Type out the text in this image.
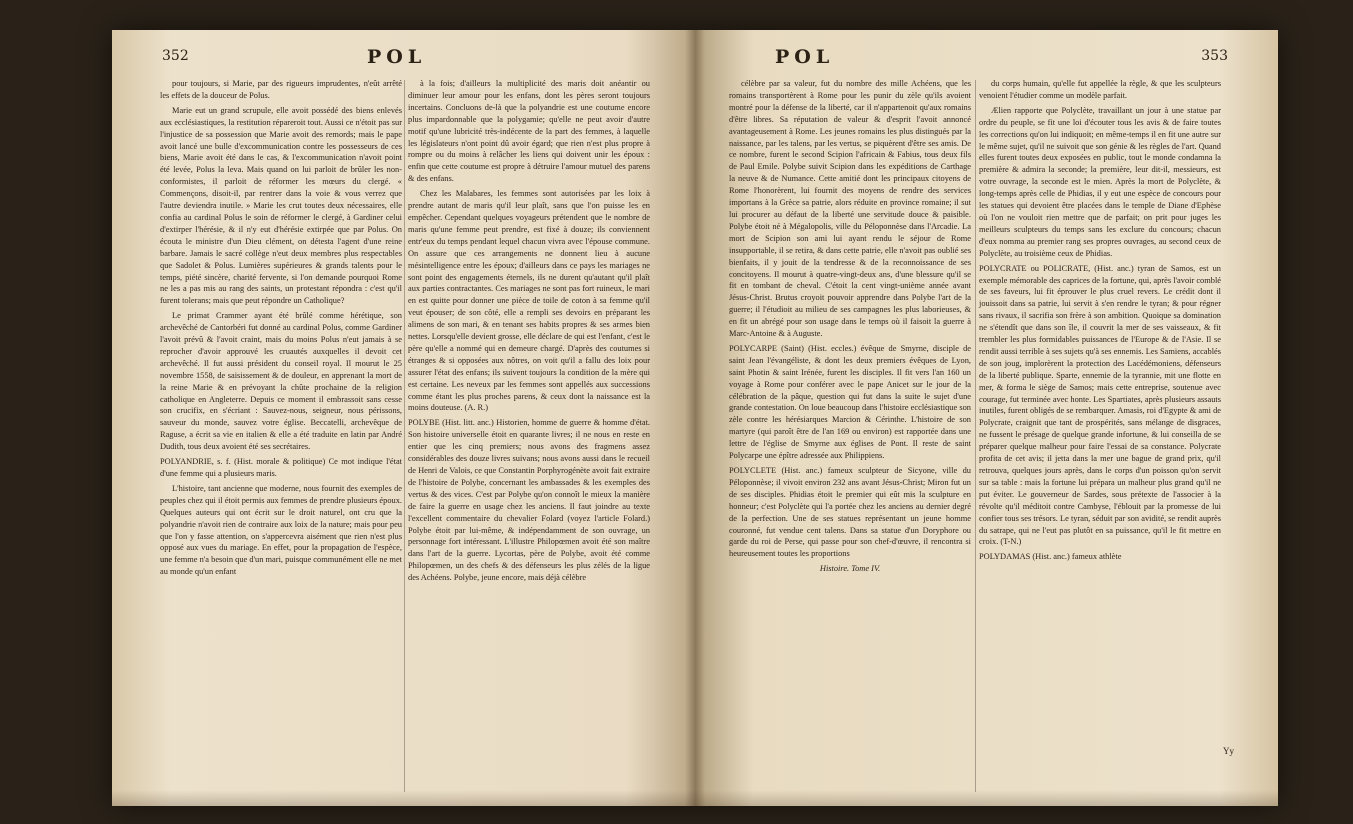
352	POL

pour toujours, si Marie, par des rigueurs imprudentes, n'eût arrêté les effets de la douceur de Polus.

Marie eut un grand scrupule, elle avoit possédé des biens enlevés aux ecclésiastiques, la restitution répareroit tout. Aussi ce n'étoit pas sur l'injustice de sa possession que Marie avoit des remords; mais le pape avoit lancé une bulle d'excommunication contre les possesseurs de ces biens, Marie avoit été dans le cas, & l'excommunication n'avoit point été levée, Polus la leva. Mais quand on lui parloit de brûler les non-conformistes, il parloit de réformer les mœurs du clergé. « Commençons, disoit-il, par rentrer dans la voie & vous verrez que l'autre deviendra inutile. » Marie les crut toutes deux nécessaires, elle confia au cardinal Polus le soin de réformer le clergé, à Gardiner celui d'extirper l'hérésie, & il n'y eut d'hérésie extirpée que par Polus. On écouta le ministre d'un Dieu clément, on détesta l'agent d'une reine barbare. Jamais le sacré collège n'eut deux membres plus respectables que Sadolet & Polus. Lumières supérieures & grands talents pour le temps, piété sincère, charité fervente, si l'on demande pourquoi Rome ne les a pas mis au rang des saints, un protestant répondra : c'est qu'il furent tolerans; mais que peut répondre un Catholique?

Le primat Crammer ayant été brûlé comme hérétique, son archevêché de Cantorbéri fut donné au cardinal Polus, comme Gardiner l'avoit prévû & l'avoit craint, mais du moins Polus n'eut jamais à se reprocher d'avoir approuvé les cruautés auxquelles il devoit cet archevêché. Il fut aussi président du conseil royal. Il mourut le 25 novembre 1558, de saisissement & de douleur, en apprenant la mort de la reine Marie & en prévoyant la chûte prochaine de la religion catholique en Angleterre. Depuis ce moment il embrassoit sans cesse son crucifix, en s'écriant : Sauvez-nous, seigneur, nous périssons, sauveur du monde, sauvez votre église. Beccatelli, archevêque de Raguse, a écrit sa vie en italien & elle a été traduite en latin par André Dudith, tous deux avoient été ses secrétaires.

POLYANDRIE, s. f. (Hist. morale & politique) Ce mot indique l'état d'une femme qui a plusieurs maris.

L'histoire, tant ancienne que moderne, nous fournit des exemples de peuples chez qui il étoit permis aux femmes de prendre plusieurs époux. Quelques auteurs qui ont écrit sur le droit naturel, ont cru que la polyandrie n'avoit rien de contraire aux loix de la nature; mais pour peu que l'on y fasse attention, on s'appercevra aisément que rien n'est plus opposé aux vues du mariage. En effet, pour la propagation de l'espèce, une femme n'a besoin que d'un mari, puisque communément elle ne met au monde qu'un enfant

à la fois; d'ailleurs la multiplicité des maris doit anéantir ou diminuer leur amour pour les enfans, dont les pères seront toujours incertains. Concluons de-là que la polyandrie est une coutume encore plus impardonnable que la polygamie; qu'elle ne peut avoir d'autre motif qu'une lubricité très-indécente de la part des femmes, à laquelle les législateurs n'ont point dû avoir égard; que rien n'est plus propre à rompre ou du moins à relâcher les liens qui doivent unir les époux : enfin que cette coutume est propre à détruire l'amour mutuel des parens & des enfans.

Chez les Malabares, les femmes sont autorisées par les loix à prendre autant de maris qu'il leur plaît, sans que l'on puisse les en empêcher. Cependant quelques voyageurs prétendent que le nombre de maris qu'une femme peut prendre, est fixé à douze; ils conviennent entr'eux du temps pendant lequel chacun vivra avec l'épouse commune. On assure que ces arrangements ne donnent lieu à aucune mésintelligence entre les époux; d'ailleurs dans ce pays les mariages ne sont point des engagements éternels, ils ne durent qu'autant qu'il plaît aux parties contractantes. Ces mariages ne sont pas fort ruineux, le mari en est quitte pour donner une pièce de toile de coton à sa femme qu'il veut épouser; de son côté, elle a rempli ses devoirs en préparant les alimens de son mari, & en tenant ses habits propres & ses armes bien nettes. Lorsqu'elle devient grosse, elle déclare de qui est l'enfant, c'est le père qu'elle a nommé qui en demeure chargé. D'après des coutumes si étranges & si opposées aux nôtres, on voit qu'il a fallu des loix pour assurer l'état des enfans; ils suivent toujours la condition de la mère qui est certaine. Les neveux par les femmes sont appellés aux successions comme étant les plus proches parens, & ceux dont la naissance est la moins douteuse. (A. R.)

POLYBE (Hist. litt. anc.) Historien, homme de guerre & homme d'état. Son histoire universelle étoit en quarante livres; il ne nous en reste en entier que les cinq premiers; nous avons des fragmens assez considérables des douze livres suivans; nous avons aussi dans le recueil de Henri de Valois, ce que Constantin Porphyrogénète avoit fait extraire de l'histoire de Polybe, concernant les ambassades & les exemples des vertus & des vices. C'est par Polybe qu'on connoît le mieux la manière de faire la guerre en usage chez les anciens. Il faut joindre au texte l'excellent commentaire du chevalier Folard (voyez l'article Folard.) Polybe étoit par lui-même, & indépendamment de son ouvrage, un personnage fort intéressant. L'illustre Philopœmen avoit été son maître dans l'art de la guerre. Lycortas, père de Polybe, avoit été comme Philopœmen, un des chefs & des défenseurs les plus zélés de la ligue des Achéens. Polybe, jeune encore, mais déjà célèbre

POL	353

célèbre par sa valeur, fut du nombre des mille Achéens, que les romains transportèrent à Rome pour les punir du zèle qu'ils avoient montré pour la défense de la liberté, car il n'appartenoit qu'aux romains d'être libres. Sa réputation de valeur & d'esprit l'avoit annoncé avantageusement à Rome. Les jeunes romains les plus distingués par la naissance, par les talens, par les vertus, se piquèrent d'être ses amis. De ce nombre, furent le second Scipion l'africain & Fabius, tous deux fils de Paul Emile. Polybe suivit Scipion dans les expéditions de Carthage la neuve & de Numance. Cette amitié dont les principaux citoyens de Rome l'honorèrent, lui fournit des moyens de rendre des services importans à la Grèce sa patrie, alors réduite en province romaine; il sut lui procurer au défaut de la liberté une servitude douce & paisible. Polybe étoit né à Mégalopolis, ville du Péloponnèse dans l'Arcadie. La mort de Scipion son ami lui ayant rendu le séjour de Rome insupportable, il se retira, & dans cette patrie, elle n'avoit pas oublié ses bienfaits, il y jouit de la tendresse & de la reconnoissance de ses concitoyens. Il mourut à quatre-vingt-deux ans, d'une blessure qu'il se fit en tombant de cheval. C'étoit la cent vingt-unième année avant Jésus-Christ. Brutus croyoit pouvoir apprendre dans Polybe l'art de la guerre; il l'étudioit au milieu de ses campagnes les plus laborieuses, & en fit un abrégé pour son usage dans le temps où il faisoit la guerre à Marc-Antoine & à Auguste.

POLYCARPE (Saint) (Hist. eccles.) évêque de Smyrne, disciple de saint Jean l'évangéliste, & dont les deux premiers évêques de Lyon, saint Photin & saint Irénée, furent les disciples. Il fit vers l'an 160 un voyage à Rome pour conférer avec le pape Anicet sur le jour de la célébration de la pâque, question qui fut dans la suite le sujet d'une grande contestation. On loue beaucoup dans l'histoire ecclésiastique son zèle contre les hérésiarques Marcion & Cérinthe. L'histoire de son martyre (qui paroît être de l'an 169 ou environ) est rapportée dans une lettre de l'église de Smyrne aux églises de Pont. Il reste de saint Polycarpe une épître adressée aux Philippiens.

POLYCLETE (Hist. anc.) fameux sculpteur de Sicyone, ville du Péloponnèse; il vivoit environ 232 ans avant Jésus-Christ; Miron fut un de ses disciples. Phidias étoit le premier qui eût mis la sculpture en honneur; c'est Polyclète qui l'a portée chez les anciens au dernier degré de la perfection. Une de ses statues représentant un jeune homme couronné, fut vendue cent talens. Dans sa statue d'un Doryphore ou garde du roi de Perse, qui passe pour son chef-d'œuvre, il rencontra si heureusement toutes les proportions

Histoire. Tome IV.

du corps humain, qu'elle fut appellée la règle, & que les sculpteurs venoient l'étudier comme un modèle parfait.

Ælien rapporte que Polyclète, travaillant un jour à une statue par ordre du peuple, se fit une loi d'écouter tous les avis & de faire toutes les corrections qu'on lui indiquoit; en même-temps il en fit une autre sur le même sujet, qu'il ne suivoit que son génie & les règles de l'art. Quand elles furent toutes deux exposées en public, tout le monde condamna la première & admira la seconde; la première, leur dit-il, messieurs, est votre ouvrage, la seconde est le mien. Après la mort de Polyclète, & long-temps après celle de Phidias, il y eut une espèce de concours pour les statues qui devoient être placées dans le temple de Diane d'Ephèse où l'on ne vouloit rien mettre que de parfait; on prit pour juges les meilleurs sculpteurs du temps sans les exclure du concours; chacun d'eux nomma au premier rang ses propres ouvrages, au second ceux de Polyclète, au troisième ceux de Phidias.

POLYCRATE ou POLICRATE, (Hist. anc.) tyran de Samos, est un exemple mémorable des caprices de la fortune, qui, après l'avoir comblé de ses faveurs, lui fit éprouver le plus cruel revers. Le crédit dont il jouissoit dans sa patrie, lui servit à s'en rendre le tyran; & pour régner sans rivaux, il sacrifia son frère à son ambition. Quoique sa domination ne s'étendît que dans son île, il couvrit la mer de ses vaisseaux, & fit trembler les plus formidables puissances de l'Europe & de l'Asie. Il se rendit aussi terrible à ses sujets qu'à ses ennemis. Les Samiens, accablés de son joug, implorèrent la protection des Lacédémoniens, défenseurs de la liberté publique. Sparte, ennemie de la tyrannie, mit une flotte en mer, & forma le siège de Samos; mais cette entreprise, soutenue avec courage, fut terminée avec honte. Les Spartiates, après plusieurs assauts inutiles, furent obligés de se rembarquer. Amasis, roi d'Egypte & ami de Polycrate, craignit que tant de prospérités, sans mélange de disgraces, ne fussent le présage de quelque grande infortune, & lui conseilla de se préparer quelque malheur pour faire l'essai de sa constance. Polycrate profita de cet avis; il jetta dans la mer une bague de grand prix, qu'il retrouva, quelques jours après, dans le corps d'un poisson qu'on servit sur sa table : mais la fortune lui prépara un malheur plus grand qu'il ne put éviter. Le gouverneur de Sardes, sous prétexte de l'associer à la révolte qu'il méditoit contre Cambyse, l'éblouit par la promesse de lui confier tous ses trésors. Le tyran, séduit par son avidité, se rendit auprès du satrape, qui ne l'eut pas plutôt en sa puissance, qu'il le fit mettre en croix. (T-N.)

POLYDAMAS (Hist. anc.) fameux athlète

Yy
